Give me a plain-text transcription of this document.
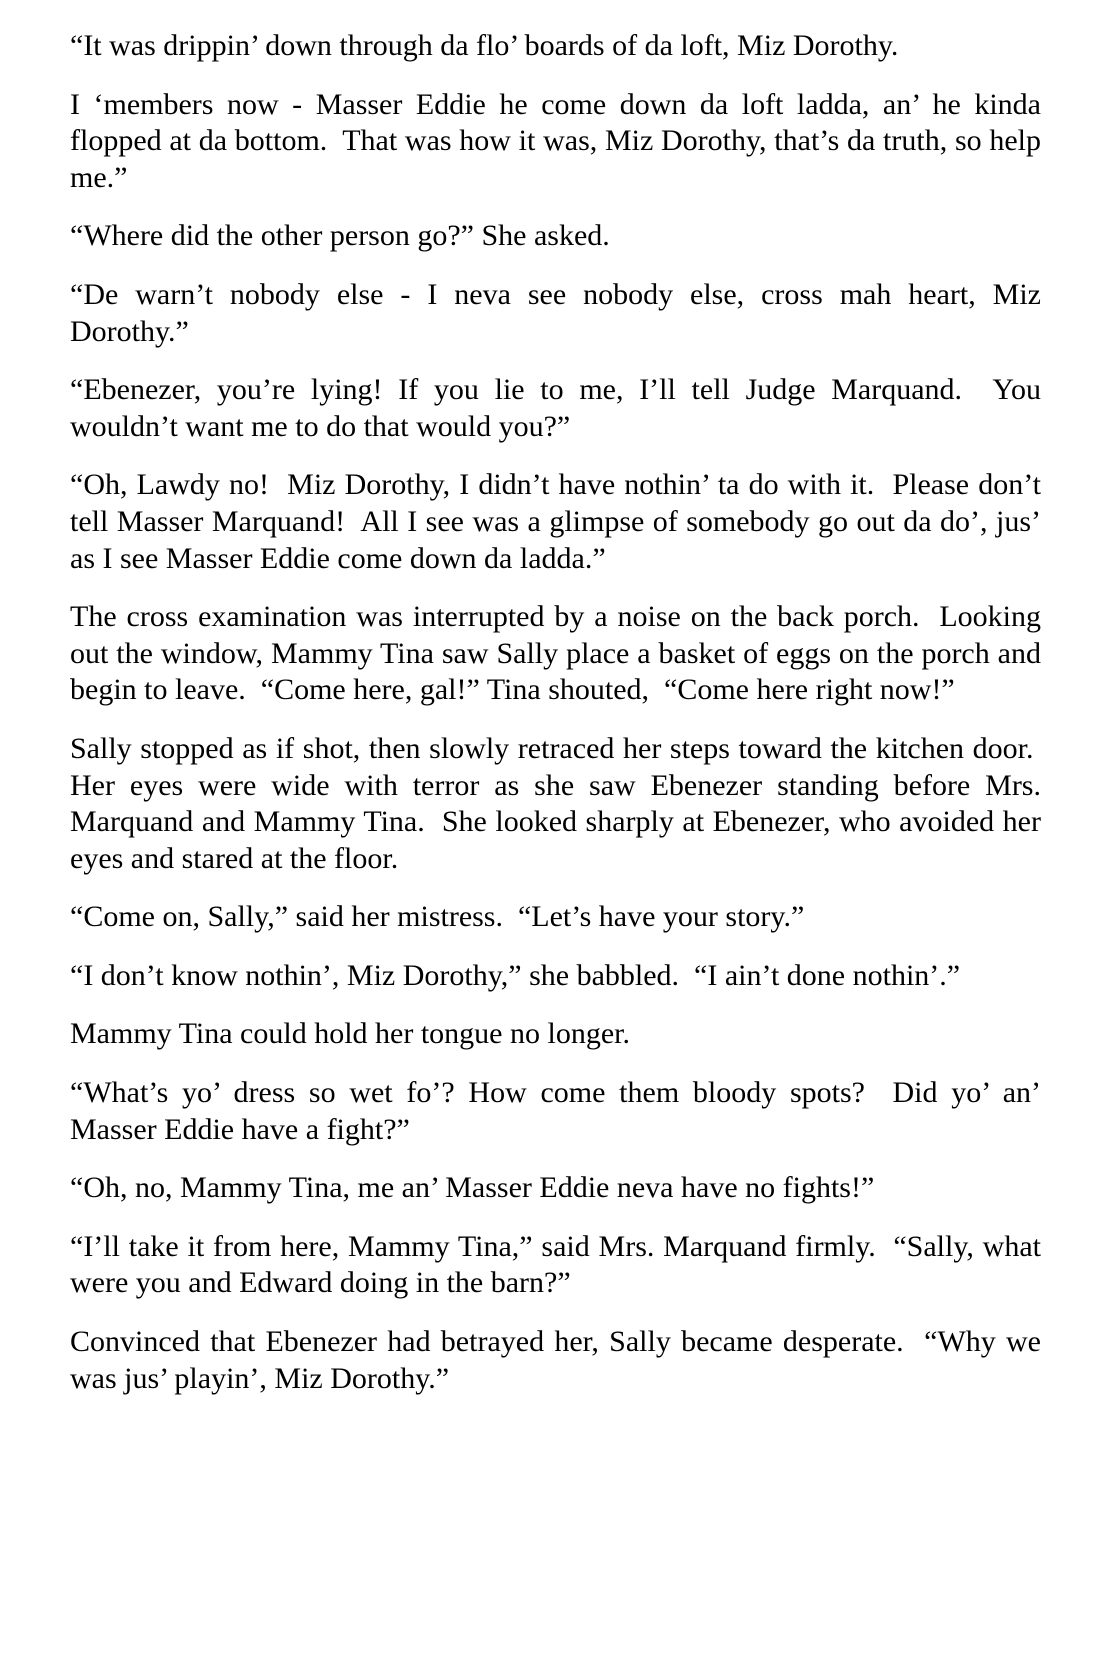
“It was drippin’ down through da flo’ boards of da loft, Miz Dorothy.

I ‘members now - Masser Eddie he come down da loft ladda, an’ he kinda flopped at da bottom.  That was how it was, Miz Dorothy, that’s da truth, so help me.”

“Where did the other person go?” She asked.

“De warn’t nobody else - I neva see nobody else, cross mah heart, Miz Dorothy.”

“Ebenezer, you’re lying! If you lie to me, I’ll tell Judge Marquand.  You wouldn’t want me to do that would you?”

“Oh, Lawdy no!  Miz Dorothy, I didn’t have nothin’ ta do with it.  Please don’t tell Masser Marquand!  All I see was a glimpse of somebody go out da do’, jus’ as I see Masser Eddie come down da ladda.”

The cross examination was interrupted by a noise on the back porch.  Looking out the window, Mammy Tina saw Sally place a basket of eggs on the porch and begin to leave.  “Come here, gal!” Tina shouted,  “Come here right now!”

Sally stopped as if shot, then slowly retraced her steps toward the kitchen door.  Her eyes were wide with terror as she saw Ebenezer standing before Mrs. Marquand and Mammy Tina.  She looked sharply at Ebenezer, who avoided her eyes and stared at the floor.

“Come on, Sally,” said her mistress.  “Let’s have your story.”

“I don’t know nothin’, Miz Dorothy,” she babbled.  “I ain’t done nothin’.”

Mammy Tina could hold her tongue no longer.

“What’s yo’ dress so wet fo’? How come them bloody spots?  Did yo’ an’ Masser Eddie have a fight?”

“Oh, no, Mammy Tina, me an’ Masser Eddie neva have no fights!”

“I’ll take it from here, Mammy Tina,” said Mrs. Marquand firmly.  “Sally, what were you and Edward doing in the barn?”

Convinced that Ebenezer had betrayed her, Sally became desperate.  “Why we was jus’ playin’, Miz Dorothy.”
